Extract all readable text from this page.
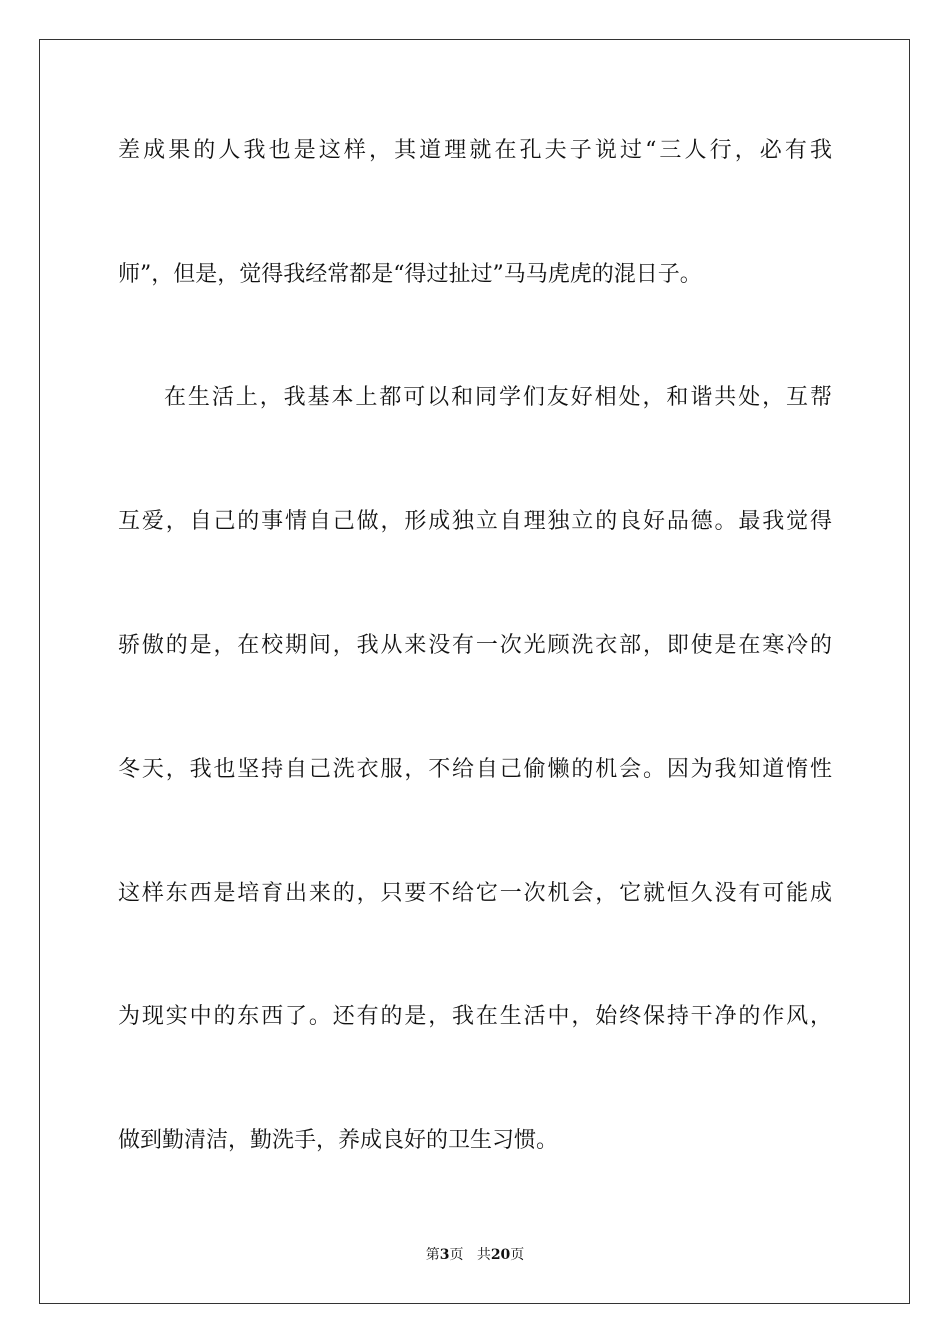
差成果的人我也是这样，其道理就在孔夫子说过“三人行，必有我
师”，但是，觉得我经常都是“得过扯过”马马虎虎的混日子。
在生活上，我基本上都可以和同学们友好相处，和谐共处，互帮
互爱，自己的事情自己做，形成独立自理独立的良好品德。最我觉得
骄傲的是，在校期间，我从来没有一次光顾洗衣部，即使是在寒冷的
冬天，我也坚持自己洗衣服，不给自己偷懒的机会。因为我知道惰性
这样东西是培育出来的，只要不给它一次机会，它就恒久没有可能成
为现实中的东西了。还有的是，我在生活中，始终保持干净的作风，
做到勤清洁，勤洗手，养成良好的卫生习惯。
第3页 共20页
